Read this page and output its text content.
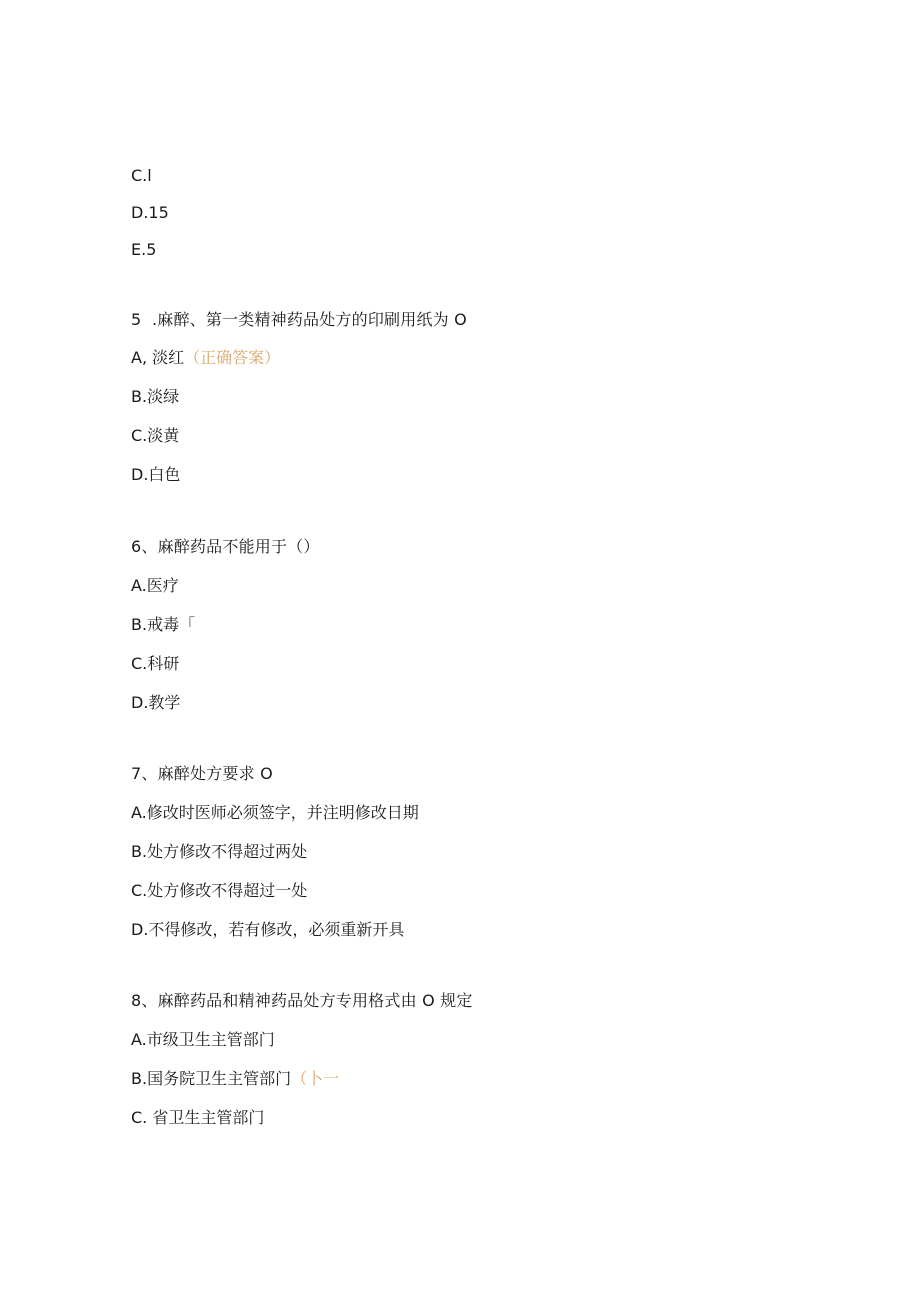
C.l
D.15
E.5
5  .麻醉、第一类精神药品处方的印刷用纸为 O
A, 淡红（正确答案）
B.淡绿
C.淡黄
D.白色
6、麻醉药品不能用于（）
A.医疗
B.戒毒「
C.科研
D.教学
7、麻醉处方要求 O
A.修改时医师必须签字，并注明修改日期
B.处方修改不得超过两处
C.处方修改不得超过一处
D.不得修改，若有修改，必须重新开具
8、麻醉药品和精神药品处方专用格式由 O 规定
A.市级卫生主管部门
B.国务院卫生主管部门（卜一
C. 省卫生主管部门
